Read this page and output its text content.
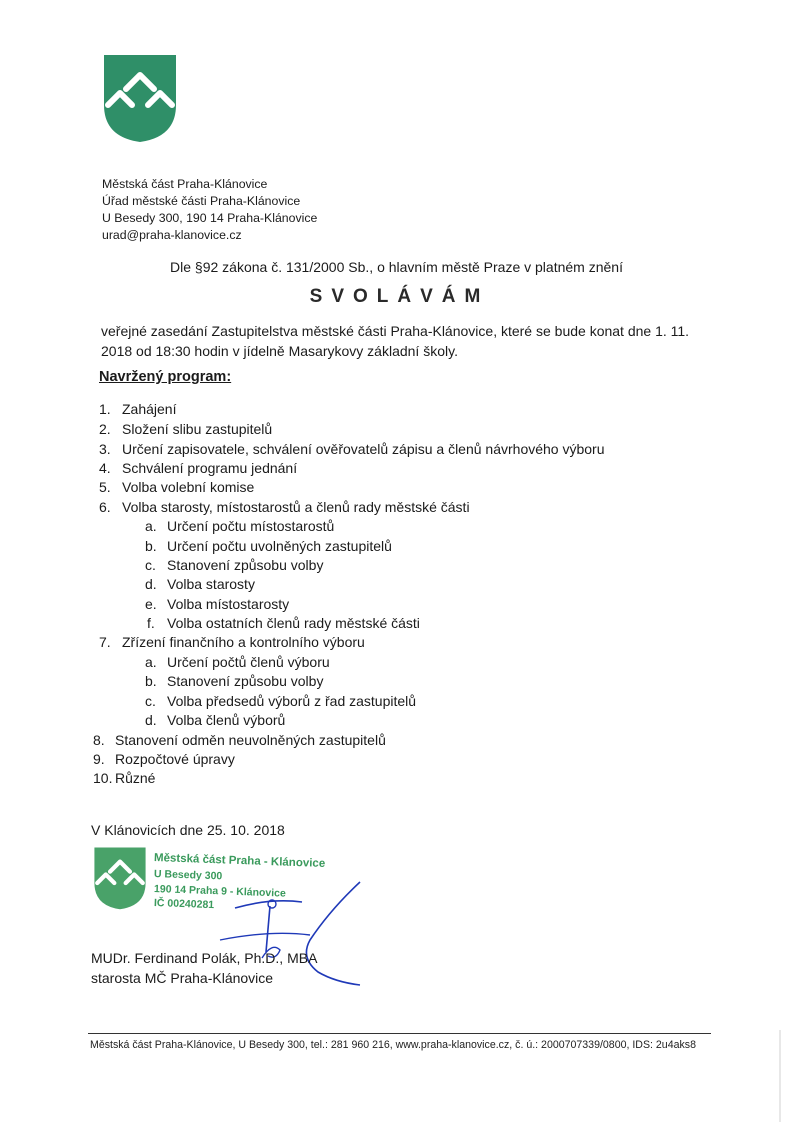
Městská část Praha-Klánovice
Úřad městské části Praha-Klánovice
U Besedy 300, 190 14 Praha-Klánovice
urad@praha-klanovice.cz
Dle §92 zákona č. 131/2000 Sb., o hlavním městě Praze v platném znění
SVOLÁVÁM
veřejné zasedání Zastupitelstva městské části Praha-Klánovice, které se bude konat dne 1. 11.
2018 od 18:30 hodin v jídelně Masarykovy základní školy.
Navržený program:
1. Zahájení
2. Složení slibu zastupitelů
3. Určení zapisovatele, schválení ověřovatelů zápisu a členů návrhového výboru
4. Schválení programu jednání
5. Volba volební komise
6. Volba starosty, místostarostů a členů rady městské části
a. Určení počtu místostarostů
b. Určení počtu uvolněných zastupitelů
c. Stanovení způsobu volby
d. Volba starosty
e. Volba místostarosty
f. Volba ostatních členů rady městské části
7. Zřízení finančního a kontrolního výboru
a. Určení počtů členů výboru
b. Stanovení způsobu volby
c. Volba předsedů výborů z řad zastupitelů
d. Volba členů výborů
8. Stanovení odměn neuvolněných zastupitelů
9. Rozpočtové úpravy
10. Různé
V Klánovicích dne 25. 10. 2018
Městská část Praha - Klánovice
U Besedy 300
190 14 Praha 9 - Klánovice
IČ 00240281
MUDr. Ferdinand Polák, Ph.D., MBA
starosta MČ Praha-Klánovice
Městská část Praha-Klánovice, U Besedy 300, tel.: 281 960 216, www.praha-klanovice.cz, č. ú.: 2000707339/0800, IDS: 2u4aks8
